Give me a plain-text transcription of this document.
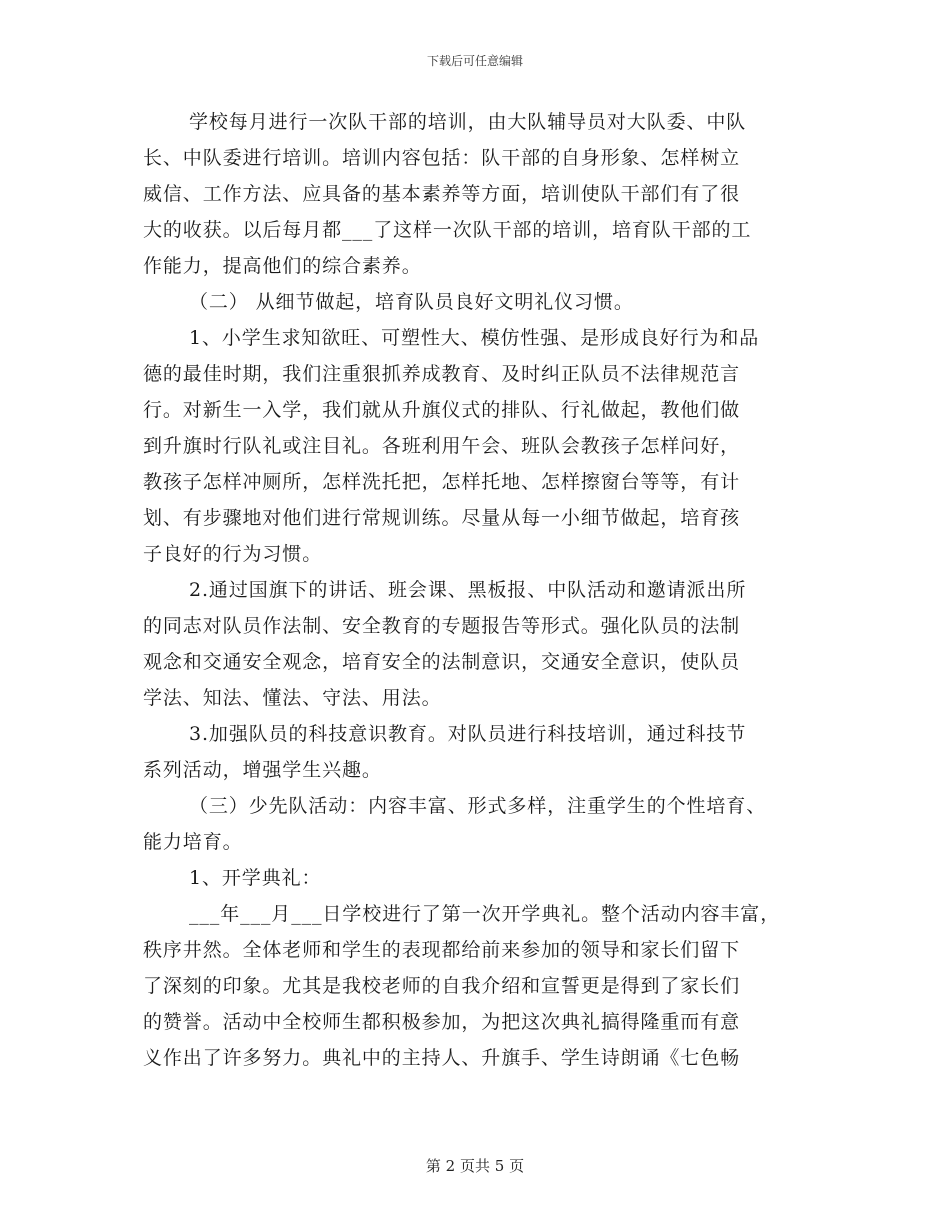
下载后可任意编辑
学校每月进行一次队干部的培训，由大队辅导员对大队委、中队
长、中队委进行培训。培训内容包括：队干部的自身形象、怎样树立
威信、工作方法、应具备的基本素养等方面，培训使队干部们有了很
大的收获。以后每月都___了这样一次队干部的培训，培育队干部的工
作能力，提高他们的综合素养。
（二） 从细节做起，培育队员良好文明礼仪习惯。
1、小学生求知欲旺、可塑性大、模仿性强、是形成良好行为和品
德的最佳时期，我们注重狠抓养成教育、及时纠正队员不法律规范言
行。对新生一入学，我们就从升旗仪式的排队、行礼做起，教他们做
到升旗时行队礼或注目礼。各班利用午会、班队会教孩子怎样问好，
教孩子怎样冲厕所，怎样洗托把，怎样托地、怎样擦窗台等等，有计
划、有步骤地对他们进行常规训练。尽量从每一小细节做起，培育孩
子良好的行为习惯。
2.通过国旗下的讲话、班会课、黑板报、中队活动和邀请派出所
的同志对队员作法制、安全教育的专题报告等形式。强化队员的法制
观念和交通安全观念，培育安全的法制意识，交通安全意识，使队员
学法、知法、懂法、守法、用法。
3.加强队员的科技意识教育。对队员进行科技培训，通过科技节
系列活动，增强学生兴趣。
（三）少先队活动：内容丰富、形式多样，注重学生的个性培育、
能力培育。
1、开学典礼：
___年___月___日学校进行了第一次开学典礼。整个活动内容丰富，
秩序井然。全体老师和学生的表现都给前来参加的领导和家长们留下
了深刻的印象。尤其是我校老师的自我介绍和宣誓更是得到了家长们
的赞誉。活动中全校师生都积极参加，为把这次典礼搞得隆重而有意
义作出了许多努力。典礼中的主持人、升旗手、学生诗朗诵《七色畅
第 2 页共 5 页
